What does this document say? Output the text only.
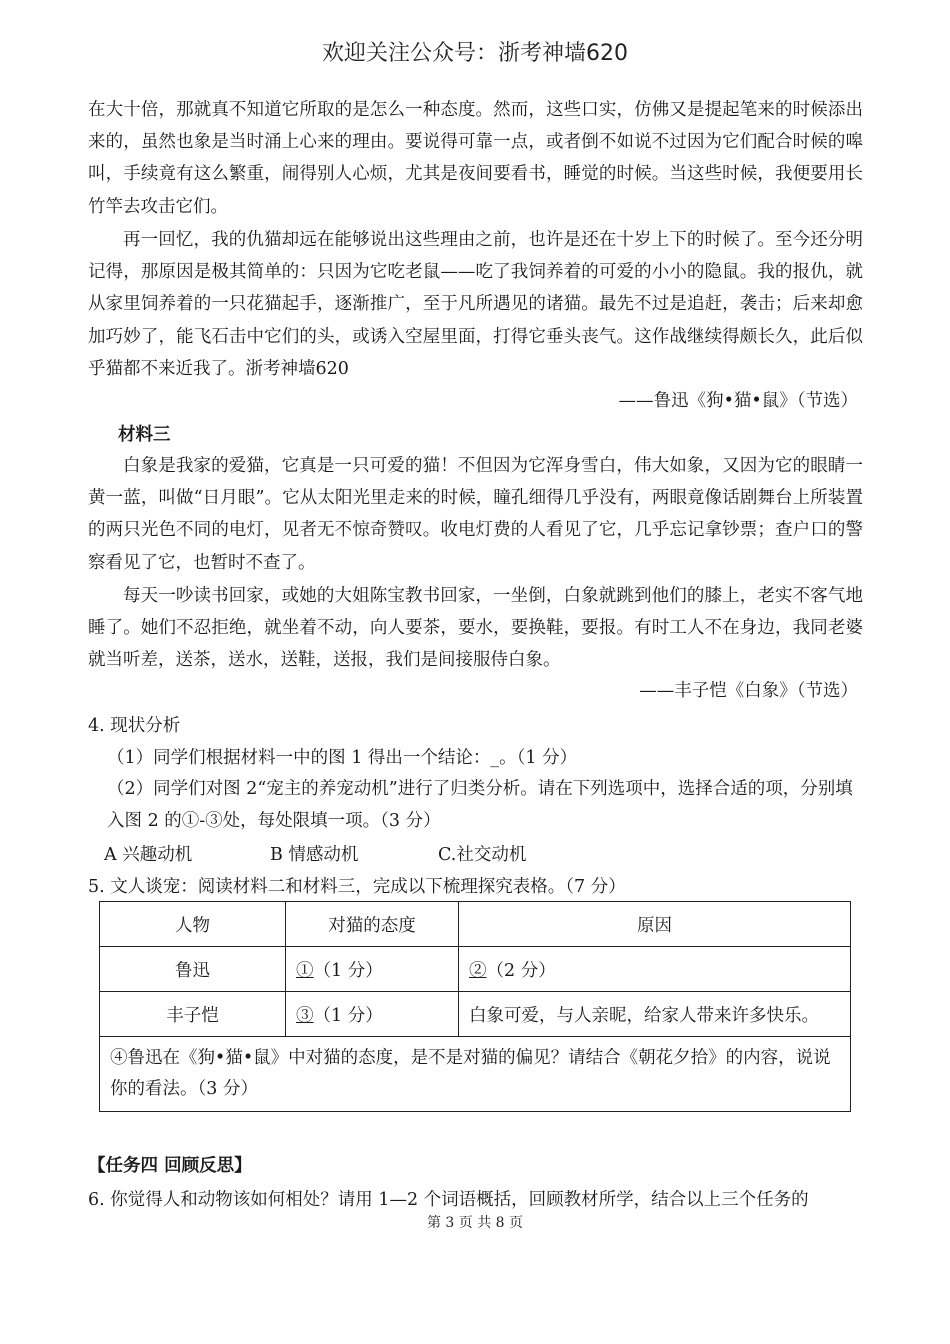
欢迎关注公众号：浙考神墙620

在大十倍，那就真不知道它所取的是怎么一种态度。然而，这些口实，仿佛又是提起笔来的时候添出来的，虽然也象是当时涌上心来的理由。要说得可靠一点，或者倒不如说不过因为它们配合时候的嗥叫，手续竟有这么繁重，闹得别人心烦，尤其是夜间要看书，睡觉的时候。当这些时候，我便要用长竹竿去攻击它们。

再一回忆，我的仇猫却远在能够说出这些理由之前，也许是还在十岁上下的时候了。至今还分明记得，那原因是极其简单的：只因为它吃老鼠——吃了我饲养着的可爱的小小的隐鼠。我的报仇，就从家里饲养着的一只花猫起手，逐渐推广，至于凡所遇见的诸猫。最先不过是追赶，袭击；后来却愈加巧妙了，能飞石击中它们的头，或诱入空屋里面，打得它垂头丧气。这作战继续得颇长久，此后似乎猫都不来近我了。浙考神墙620

——鲁迅《狗•猫•鼠》（节选）
材料三

白象是我家的爱猫，它真是一只可爱的猫！不但因为它浑身雪白，伟大如象，又因为它的眼睛一黄一蓝，叫做“日月眼”。它从太阳光里走来的时候，瞳孔细得几乎没有，两眼竟像话剧舞台上所装置的两只光色不同的电灯，见者无不惊奇赞叹。收电灯费的人看见了它，几乎忘记拿钞票；查户口的警察看见了它，也暂时不查了。

每天一吵读书回家，或她的大姐陈宝教书回家，一坐倒，白象就跳到他们的膝上，老实不客气地睡了。她们不忍拒绝，就坐着不动，向人要茶，要水，要换鞋，要报。有时工人不在身边，我同老婆就当听差，送茶，送水，送鞋，送报，我们是间接服侍白象。

——丰子恺《白象》（节选）
4. 现状分析
（1）同学们根据材料一中的图 1 得出一个结论：_。（1 分）
（2）同学们对图 2“宠主的养宠动机”进行了归类分析。请在下列选项中，选择合适的项，分别填入图 2 的①-③处，每处限填一项。（3 分）
A 兴趣动机	B 情感动机	C.社交动机
5. 文人谈宠：阅读材料二和材料三，完成以下梳理探究表格。（7 分）
人物	对猫的态度	原因
鲁迅	①（1 分）	②（2 分）
丰子恺	③（1 分）	白象可爱，与人亲昵，给家人带来许多快乐。
④鲁迅在《狗•猫•鼠》中对猫的态度，是不是对猫的偏见？请结合《朝花夕拾》的内容，说说你的看法。（3 分）		
【任务四 回顾反思】
6. 你觉得人和动物该如何相处？请用 1—2 个词语概括，回顾教材所学，结合以上三个任务的
第 3 页 共 8 页
